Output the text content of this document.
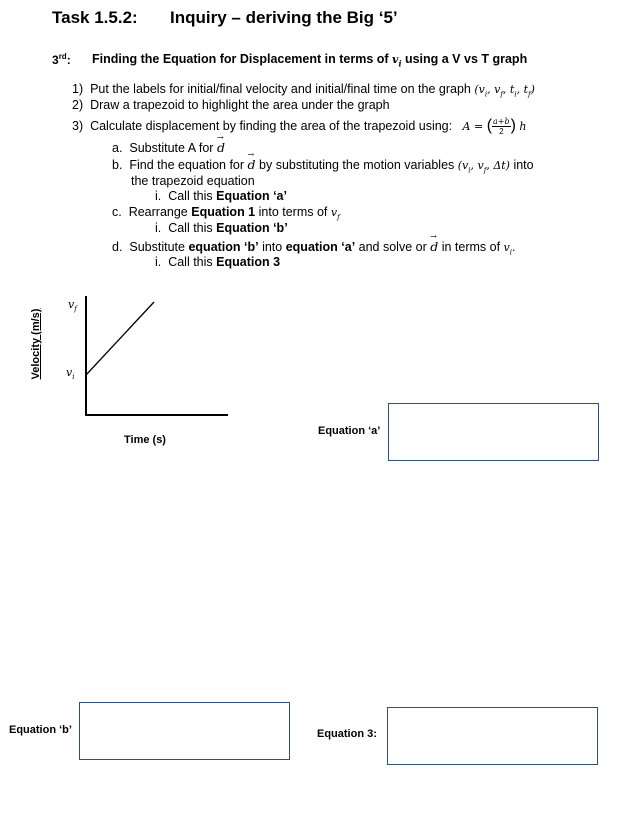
Task 1.5.2: Inquiry – deriving the Big ‘5’
3rd: Finding the Equation for Displacement in terms of $v_i$ using a V vs T graph
1) Put the labels for initial/final velocity and initial/final time on the graph ($v_i$, $v_f$, $t_i$, $t_f$)
2) Draw a trapezoid to highlight the area under the graph
3) Calculate displacement by finding the area of the trapezoid using: A = ( $\frac{a+b}{2}$ ) h
a. Substitute A for → d
b. Find the equation for → d by substituting the motion variables ($v_i$, $v_f$, Δt) into
the trapezoid equation
i. Call this Equation ‘a’
c. Rearrange Equation 1 into terms of $v_f$
i. Call this Equation ‘b’
d. Substitute equation ‘b’ into equation ‘a’ and solve or → d in terms of $v_i$.
i. Call this Equation 3
Velocity (m/s)
$v_f$
$v_i$
Time (s)
Equation ‘a’
Equation ‘b’	Equation 3:
